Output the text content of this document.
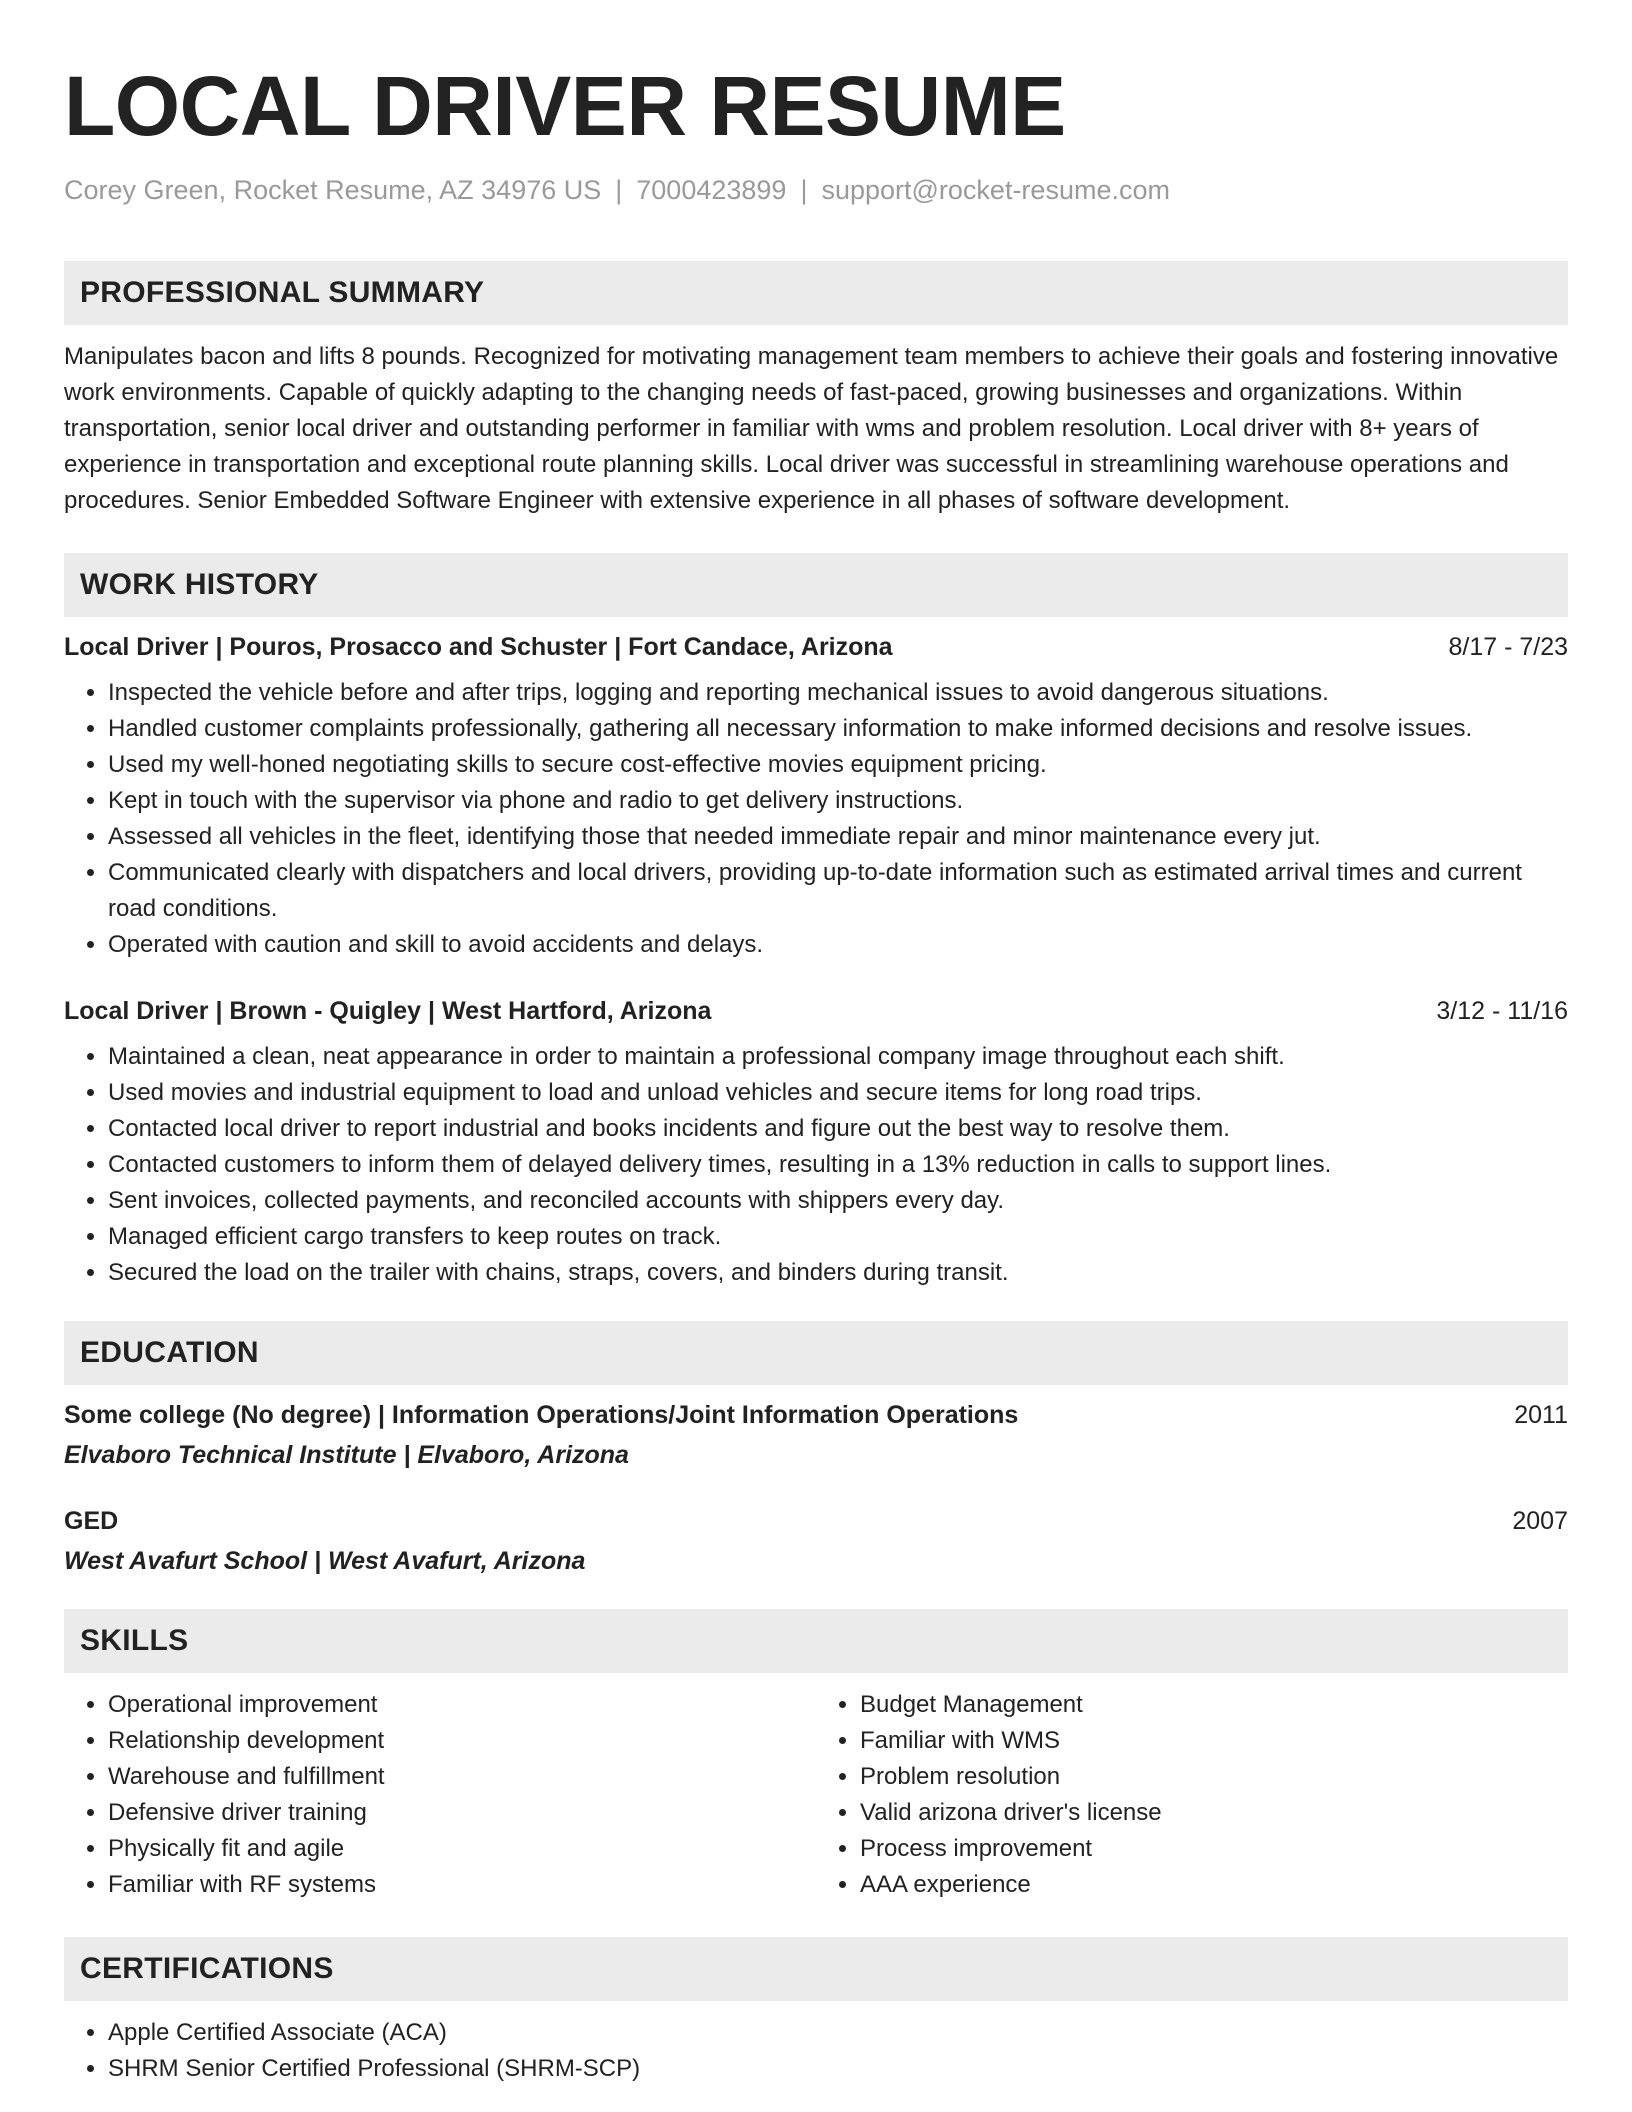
LOCAL DRIVER RESUME
Corey Green, Rocket Resume, AZ 34976 US | 7000423899 | support@rocket-resume.com
PROFESSIONAL SUMMARY

Manipulates bacon and lifts 8 pounds. Recognized for motivating management team members to achieve their goals and fostering innovative work environments. Capable of quickly adapting to the changing needs of fast-paced, growing businesses and organizations. Within transportation, senior local driver and outstanding performer in familiar with wms and problem resolution. Local driver with 8+ years of experience in transportation and exceptional route planning skills. Local driver was successful in streamlining warehouse operations and procedures. Senior Embedded Software Engineer with extensive experience in all phases of software development.

WORK HISTORY
Local Driver | Pouros, Prosacco and Schuster | Fort Candace, Arizona	8/17 - 7/23
• Inspected the vehicle before and after trips, logging and reporting mechanical issues to avoid dangerous situations.
• Handled customer complaints professionally, gathering all necessary information to make informed decisions and resolve issues.
• Used my well-honed negotiating skills to secure cost-effective movies equipment pricing.
• Kept in touch with the supervisor via phone and radio to get delivery instructions.
• Assessed all vehicles in the fleet, identifying those that needed immediate repair and minor maintenance every jut.
• Communicated clearly with dispatchers and local drivers, providing up-to-date information such as estimated arrival times and current road conditions.
• Operated with caution and skill to avoid accidents and delays.
Local Driver | Brown - Quigley | West Hartford, Arizona	3/12 - 11/16
• Maintained a clean, neat appearance in order to maintain a professional company image throughout each shift.
• Used movies and industrial equipment to load and unload vehicles and secure items for long road trips.
• Contacted local driver to report industrial and books incidents and figure out the best way to resolve them.
• Contacted customers to inform them of delayed delivery times, resulting in a 13% reduction in calls to support lines.
• Sent invoices, collected payments, and reconciled accounts with shippers every day.
• Managed efficient cargo transfers to keep routes on track.
• Secured the load on the trailer with chains, straps, covers, and binders during transit.
EDUCATION
Some college (No degree) | Information Operations/Joint Information Operations	2011
Elvaboro Technical Institute | Elvaboro, Arizona
GED	2007
West Avafurt School | West Avafurt, Arizona
SKILLS
• Operational improvement
• Relationship development
• Warehouse and fulfillment
• Defensive driver training
• Physically fit and agile
• Familiar with RF systems
• Budget Management
• Familiar with WMS
• Problem resolution
• Valid arizona driver's license
• Process improvement
• AAA experience
CERTIFICATIONS
• Apple Certified Associate (ACA)
• SHRM Senior Certified Professional (SHRM-SCP)
